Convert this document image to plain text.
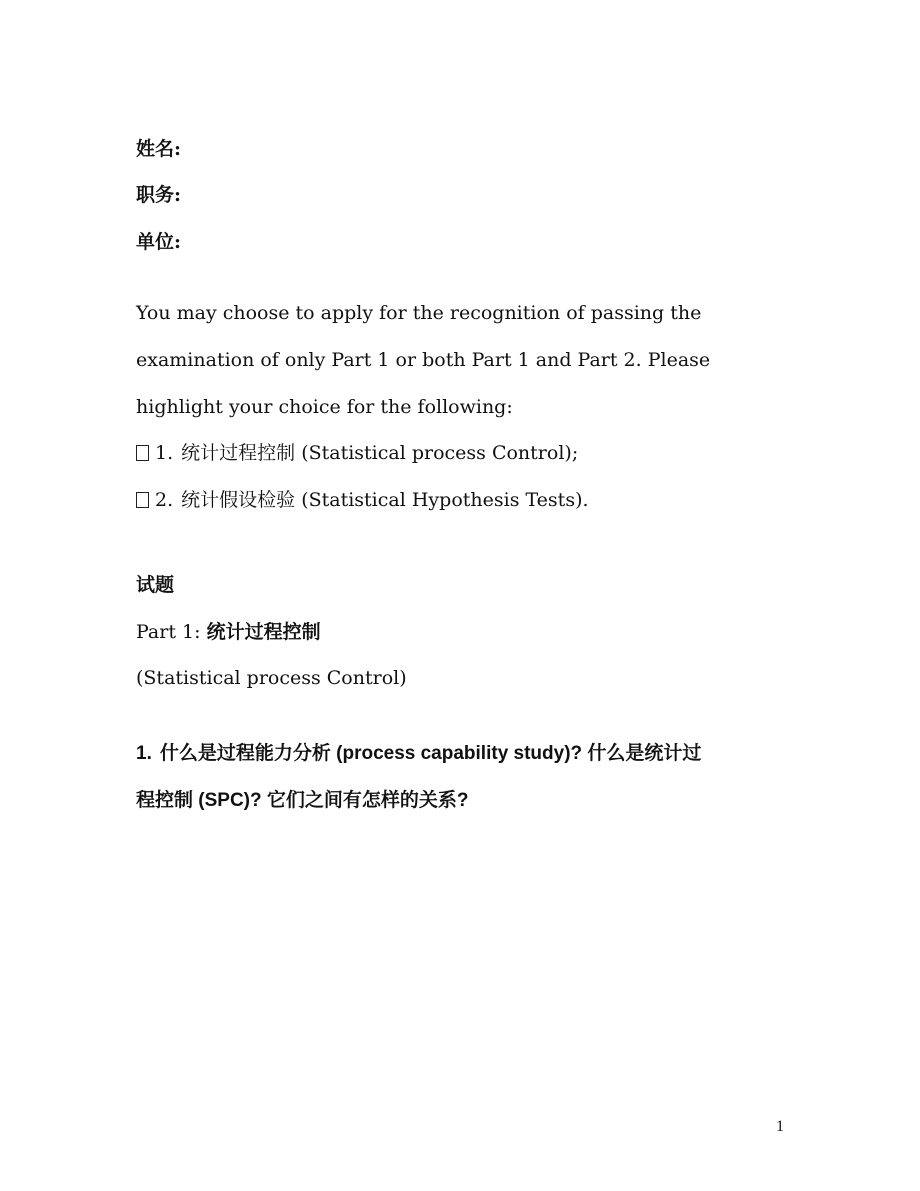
姓名:
职务:
单位:
You may choose to apply for the recognition of passing the
examination of only Part 1 or both Part 1 and Part 2. Please
highlight your choice for the following:
1. 统计过程控制 (Statistical process Control);
2. 统计假设检验 (Statistical Hypothesis Tests).
试题
Part 1: 统计过程控制
(Statistical process Control)
1. 什么是过程能力分析 (process capability study)? 什么是统计过
程控制 (SPC)? 它们之间有怎样的关系?
1
